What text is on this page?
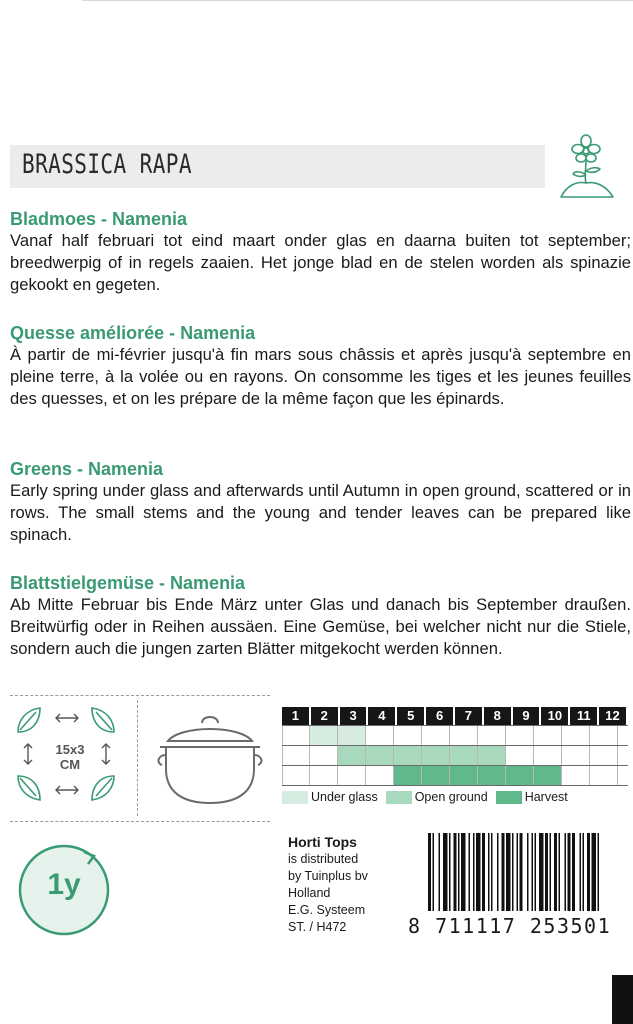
BRASSICA RAPA
Bladmoes - Namenia

Vanaf half februari tot eind maart onder glas en daarna buiten tot september; breedwerpig of in regels zaaien. Het jonge blad en de stelen worden als spinazie gekookt en gegeten.

Quesse améliorée - Namenia

À partir de mi-février jusqu'à fin mars sous châssis et après jusqu'à septembre en pleine terre, à la volée ou en rayons. On consomme les tiges et les jeunes feuilles des quesses, et on les prépare de la même façon que les épinards.

Greens - Namenia

Early spring under glass and afterwards until Autumn in open ground, scattered or in rows. The small stems and the young and tender leaves can be prepared like spinach.

Blattstielgemüse - Namenia

Ab Mitte Februar bis Ende März unter Glas und danach bis September draußen. Breitwürfig oder in Reihen aussäen. Eine Gemüse, bei welcher nicht nur die Stiele, sondern auch die jungen zarten Blätter mitgekocht werden können.

15x3
CM
1	2	3	4	5	6	7	8	9	10	11	12
Under glass	Open ground	Harvest
1y
Horti Tops
is distributed
by Tuinplus bv
Holland
E.G. Systeem
ST. / H472	8 711117 253501
